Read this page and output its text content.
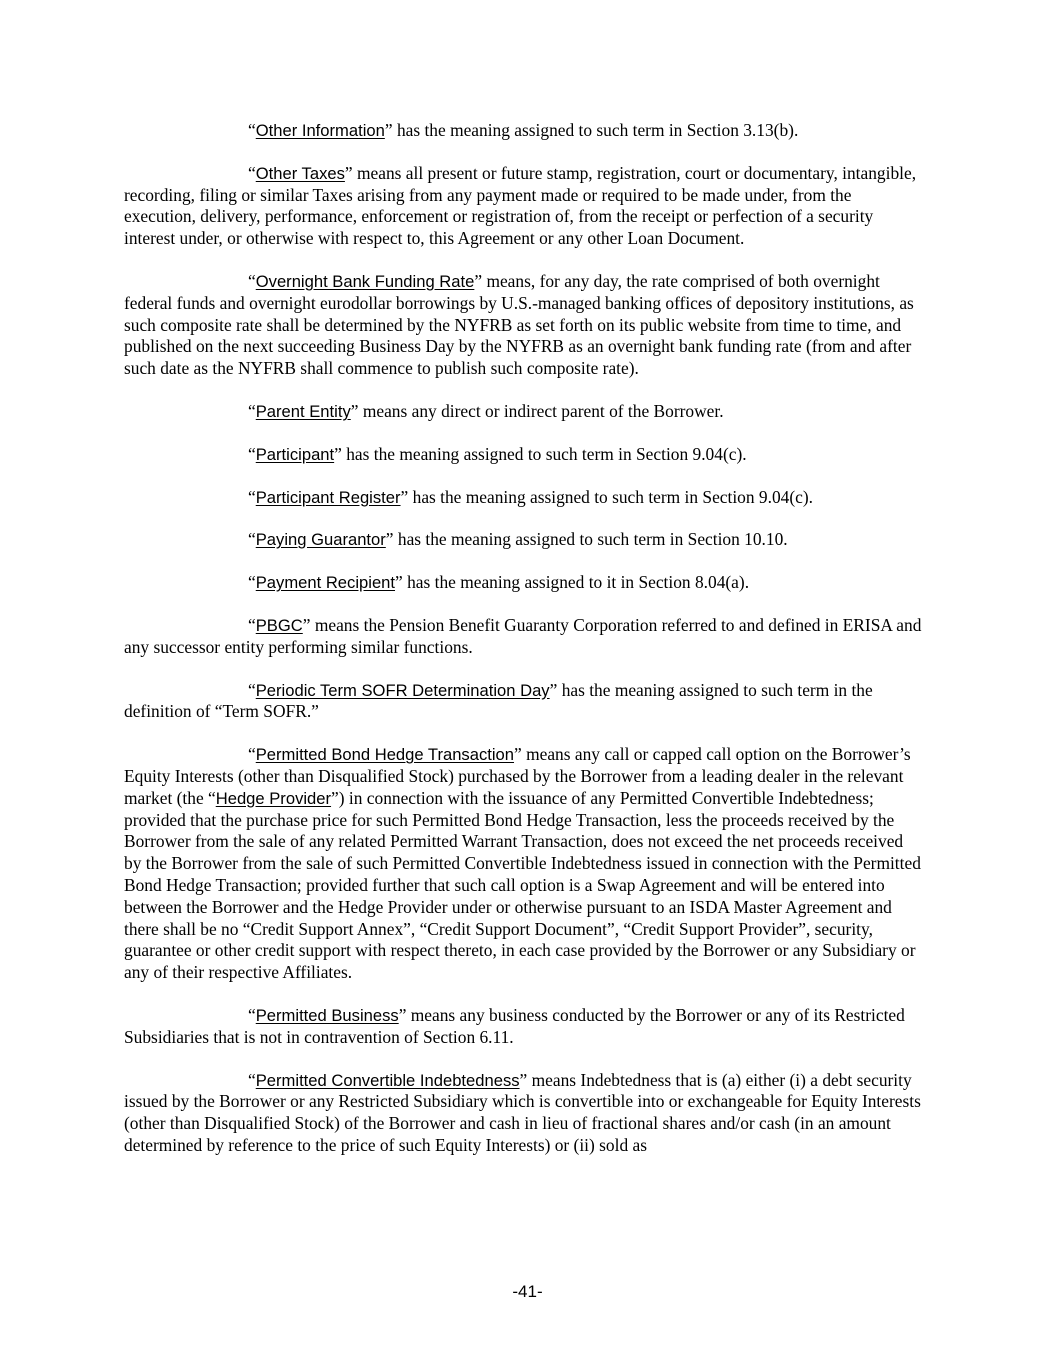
“Other Information” has the meaning assigned to such term in Section 3.13(b).

“Other Taxes” means all present or future stamp, registration, court or documentary, intangible, recording, filing or similar Taxes arising from any payment made or required to be made under, from the execution, delivery, performance, enforcement or registration of, from the receipt or perfection of a security interest under, or otherwise with respect to, this Agreement or any other Loan Document.

“Overnight Bank Funding Rate” means, for any day, the rate comprised of both overnight federal funds and overnight eurodollar borrowings by U.S.-managed banking offices of depository institutions, as such composite rate shall be determined by the NYFRB as set forth on its public website from time to time, and published on the next succeeding Business Day by the NYFRB as an overnight bank funding rate (from and after such date as the NYFRB shall commence to publish such composite rate).

“Parent Entity” means any direct or indirect parent of the Borrower.

“Participant” has the meaning assigned to such term in Section 9.04(c).

“Participant Register” has the meaning assigned to such term in Section 9.04(c).

“Paying Guarantor” has the meaning assigned to such term in Section 10.10.

“Payment Recipient” has the meaning assigned to it in Section 8.04(a).

“PBGC” means the Pension Benefit Guaranty Corporation referred to and defined in ERISA and any successor entity performing similar functions.

“Periodic Term SOFR Determination Day” has the meaning assigned to such term in the definition of “Term SOFR.”

“Permitted Bond Hedge Transaction” means any call or capped call option on the Borrower’s Equity Interests (other than Disqualified Stock) purchased by the Borrower from a leading dealer in the relevant market (the “Hedge Provider”) in connection with the issuance of any Permitted Convertible Indebtedness; provided that the purchase price for such Permitted Bond Hedge Transaction, less the proceeds received by the Borrower from the sale of any related Permitted Warrant Transaction, does not exceed the net proceeds received by the Borrower from the sale of such Permitted Convertible Indebtedness issued in connection with the Permitted Bond Hedge Transaction; provided further that such call option is a Swap Agreement and will be entered into between the Borrower and the Hedge Provider under or otherwise pursuant to an ISDA Master Agreement and there shall be no “Credit Support Annex”, “Credit Support Document”, “Credit Support Provider”, security, guarantee or other credit support with respect thereto, in each case provided by the Borrower or any Subsidiary or any of their respective Affiliates.

“Permitted Business” means any business conducted by the Borrower or any of its Restricted Subsidiaries that is not in contravention of Section 6.11.

“Permitted Convertible Indebtedness” means Indebtedness that is (a) either (i) a debt security issued by the Borrower or any Restricted Subsidiary which is convertible into or exchangeable for Equity Interests (other than Disqualified Stock) of the Borrower and cash in lieu of fractional shares and/or cash (in an amount determined by reference to the price of such Equity Interests) or (ii) sold as

-41-
